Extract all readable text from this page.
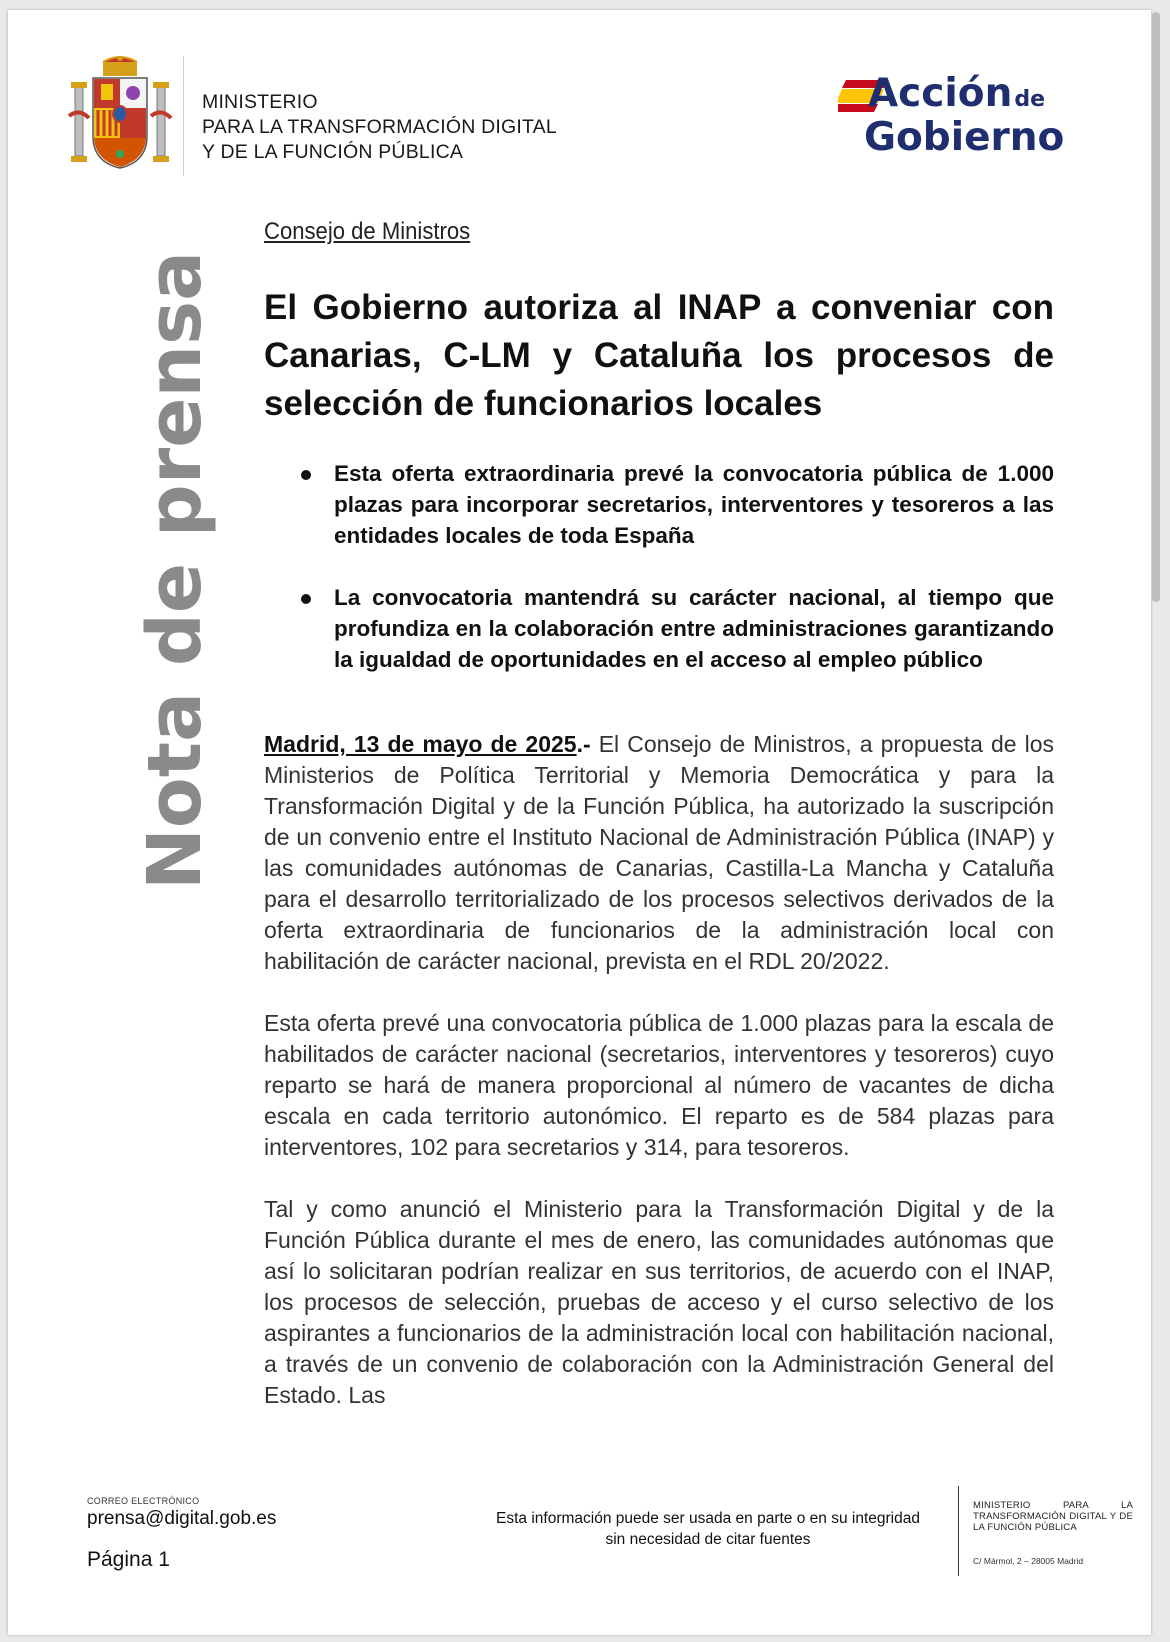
MINISTERIO
PARA LA TRANSFORMACIÓN DIGITAL
Y DE LA FUNCIÓN PÚBLICA
Acciónde
Gobierno
Nota de prensa

Consejo de Ministros

El Gobierno autoriza al INAP a conveniar con Canarias, C-LM y Cataluña los procesos de selección de funcionarios locales
Esta oferta extraordinaria prevé la convocatoria pública de 1.000 plazas para incorporar secretarios, interventores y tesoreros a las entidades locales de toda España
La convocatoria mantendrá su carácter nacional, al tiempo que profundiza en la colaboración entre administraciones garantizando la igualdad de oportunidades en el acceso al empleo público

Madrid, 13 de mayo de 2025.- El Consejo de Ministros, a propuesta de los Ministerios de Política Territorial y Memoria Democrática y para la Transformación Digital y de la Función Pública, ha autorizado la suscripción de un convenio entre el Instituto Nacional de Administración Pública (INAP) y las comunidades autónomas de Canarias, Castilla-La Mancha y Cataluña para el desarrollo territorializado de los procesos selectivos derivados de la oferta extraordinaria de funcionarios de la administración local con habilitación de carácter nacional, prevista en el RDL 20/2022.

Esta oferta prevé una convocatoria pública de 1.000 plazas para la escala de habilitados de carácter nacional (secretarios, interventores y tesoreros) cuyo reparto se hará de manera proporcional al número de vacantes de dicha escala en cada territorio autonómico. El reparto es de 584 plazas para interventores, 102 para secretarios y 314, para tesoreros.

Tal y como anunció el Ministerio para la Transformación Digital y de la Función Pública durante el mes de enero, las comunidades autónomas que así lo solicitaran podrían realizar en sus territorios, de acuerdo con el INAP, los procesos de selección, pruebas de acceso y el curso selectivo de los aspirantes a funcionarios de la administración local con habilitación nacional, a través de un convenio de colaboración con la Administración General del Estado. Las

CORREO ELECTRÓNICO
prensa@digital.gob.es
Página 1
Esta información puede ser usada en parte o en su integridad sin necesidad de citar fuentes
MINISTERIO PARA LA TRANSFORMACIÓN DIGITAL Y DE LA FUNCIÓN PÚBLICA
C/ Mármol, 2 – 28005 Madrid
